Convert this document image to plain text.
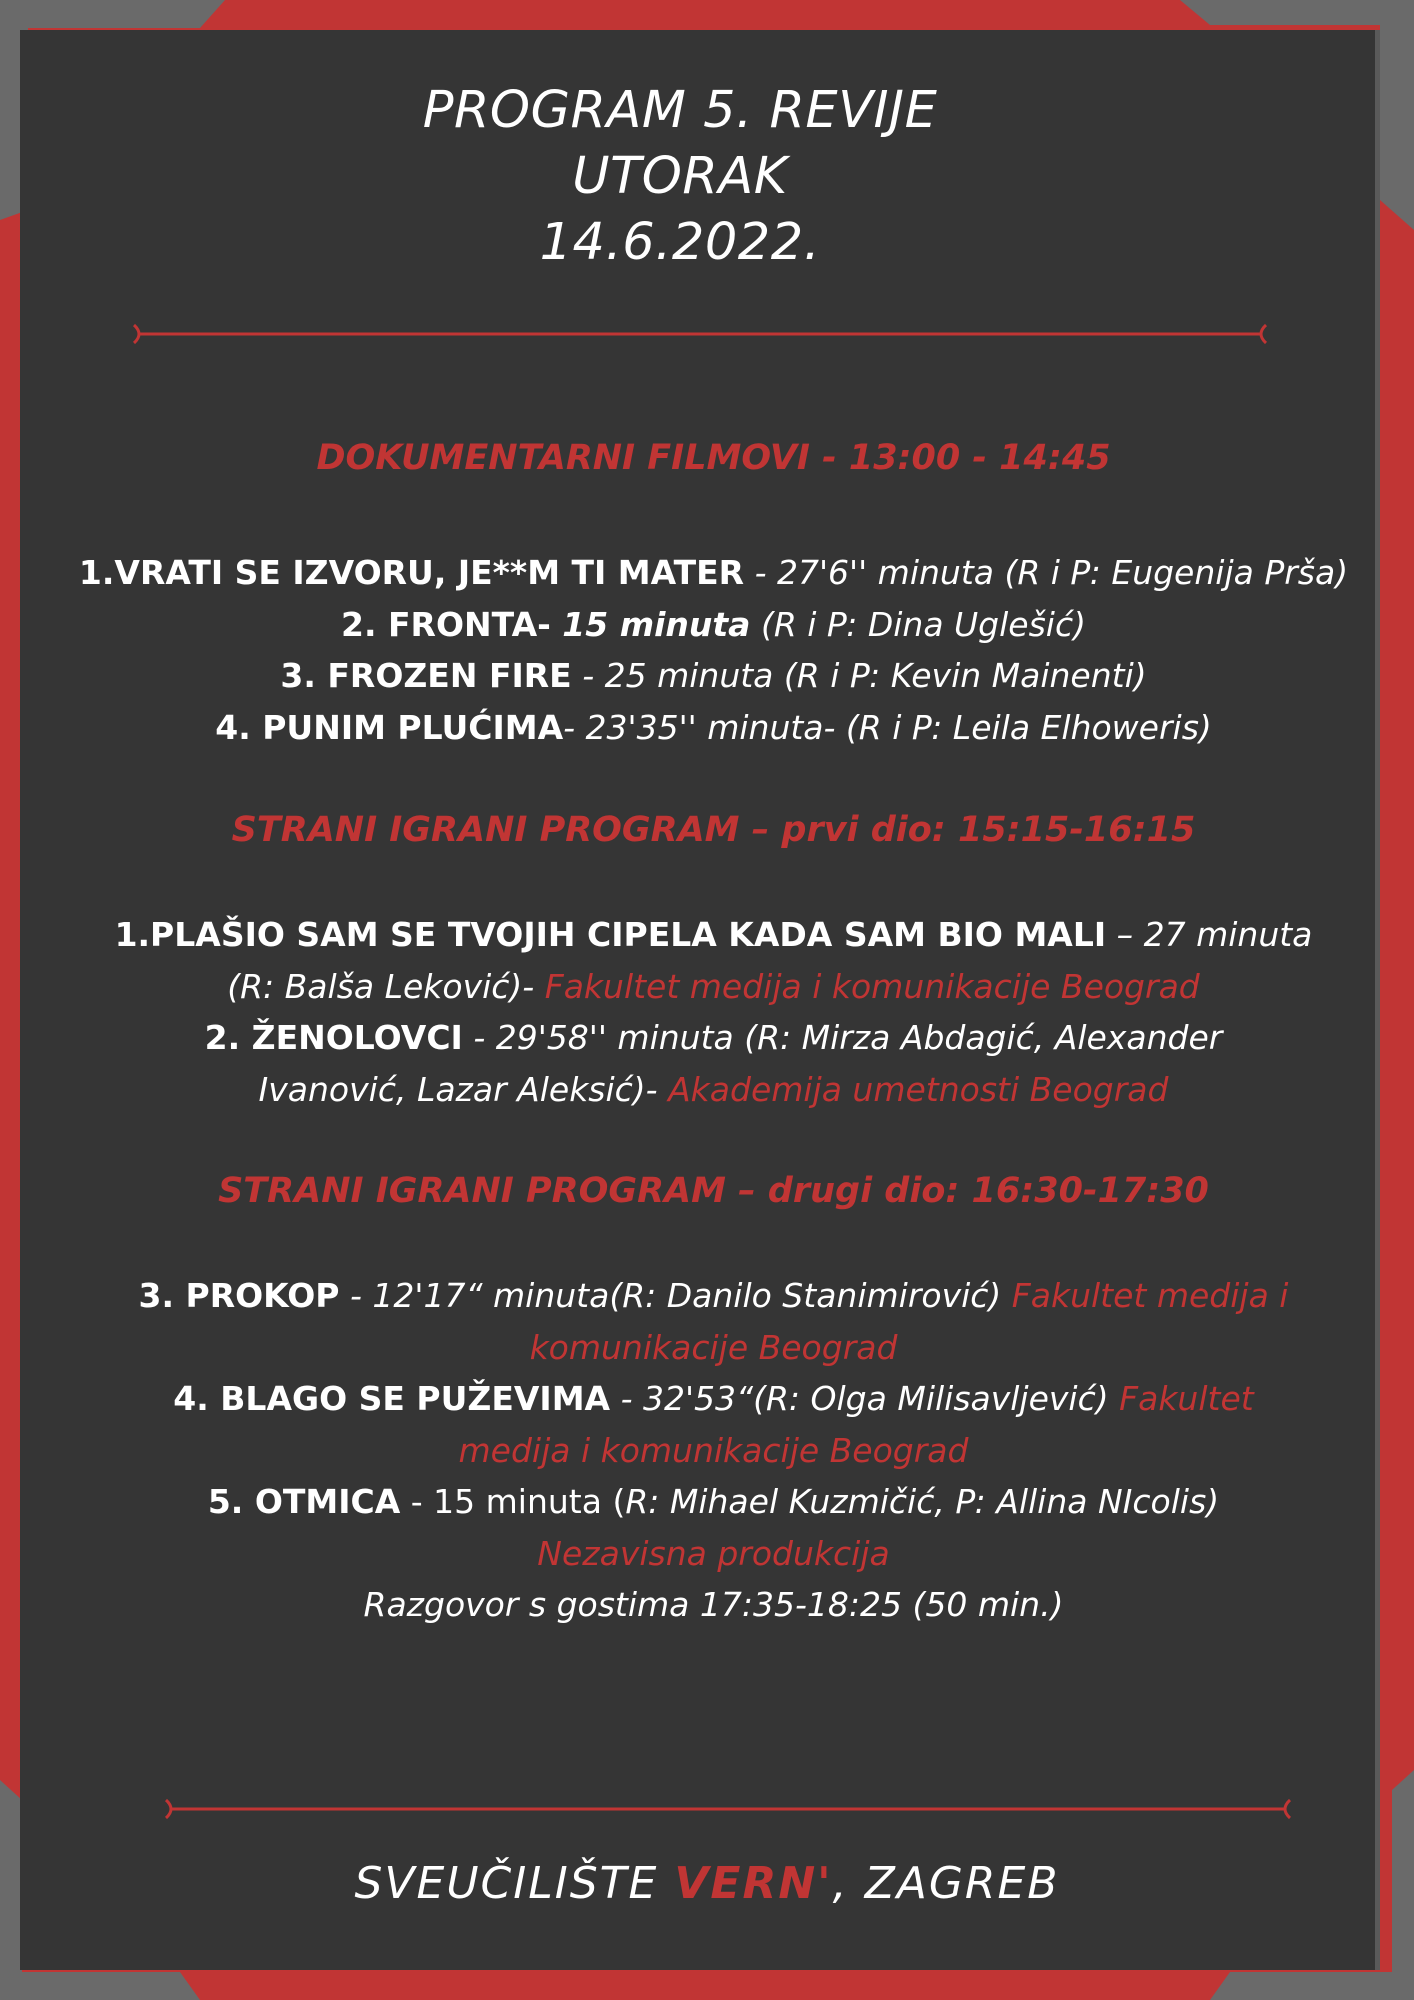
PROGRAM 5. REVIJE
UTORAK
14.6.2022.
DOKUMENTARNI FILMOVI - 13:00 - 14:45
1.VRATI SE IZVORU, JE**M TI MATER - 27'6'' minuta (R i P: Eugenija Prša)
2. FRONTA- 15 minuta (R i P: Dina Uglešić)
3. FROZEN FIRE - 25 minuta (R i P: Kevin Mainenti)
4. PUNIM PLUĆIMA- 23'35'' minuta- (R i P: Leila Elhoweris)
STRANI IGRANI PROGRAM – prvi dio: 15:15-16:15
1.PLAŠIO SAM SE TVOJIH CIPELA KADA SAM BIO MALI – 27 minuta
(R: Balša Leković)- Fakultet medija i komunikacije Beograd
2. ŽENOLOVCI - 29'58'' minuta (R: Mirza Abdagić, Alexander
Ivanović, Lazar Aleksić)- Akademija umetnosti Beograd
STRANI IGRANI PROGRAM – drugi dio: 16:30-17:30
3. PROKOP - 12'17“ minuta(R: Danilo Stanimirović) Fakultet medija i
komunikacije Beograd
4. BLAGO SE PUŽEVIMA - 32'53“(R: Olga Milisavljević) Fakultet
medija i komunikacije Beograd
5. OTMICA - 15 minuta (R: Mihael Kuzmičić, P: Allina NIcolis)
Nezavisna produkcija
Razgovor s gostima 17:35-18:25 (50 min.)
SVEUČILIŠTE VERN', ZAGREB
